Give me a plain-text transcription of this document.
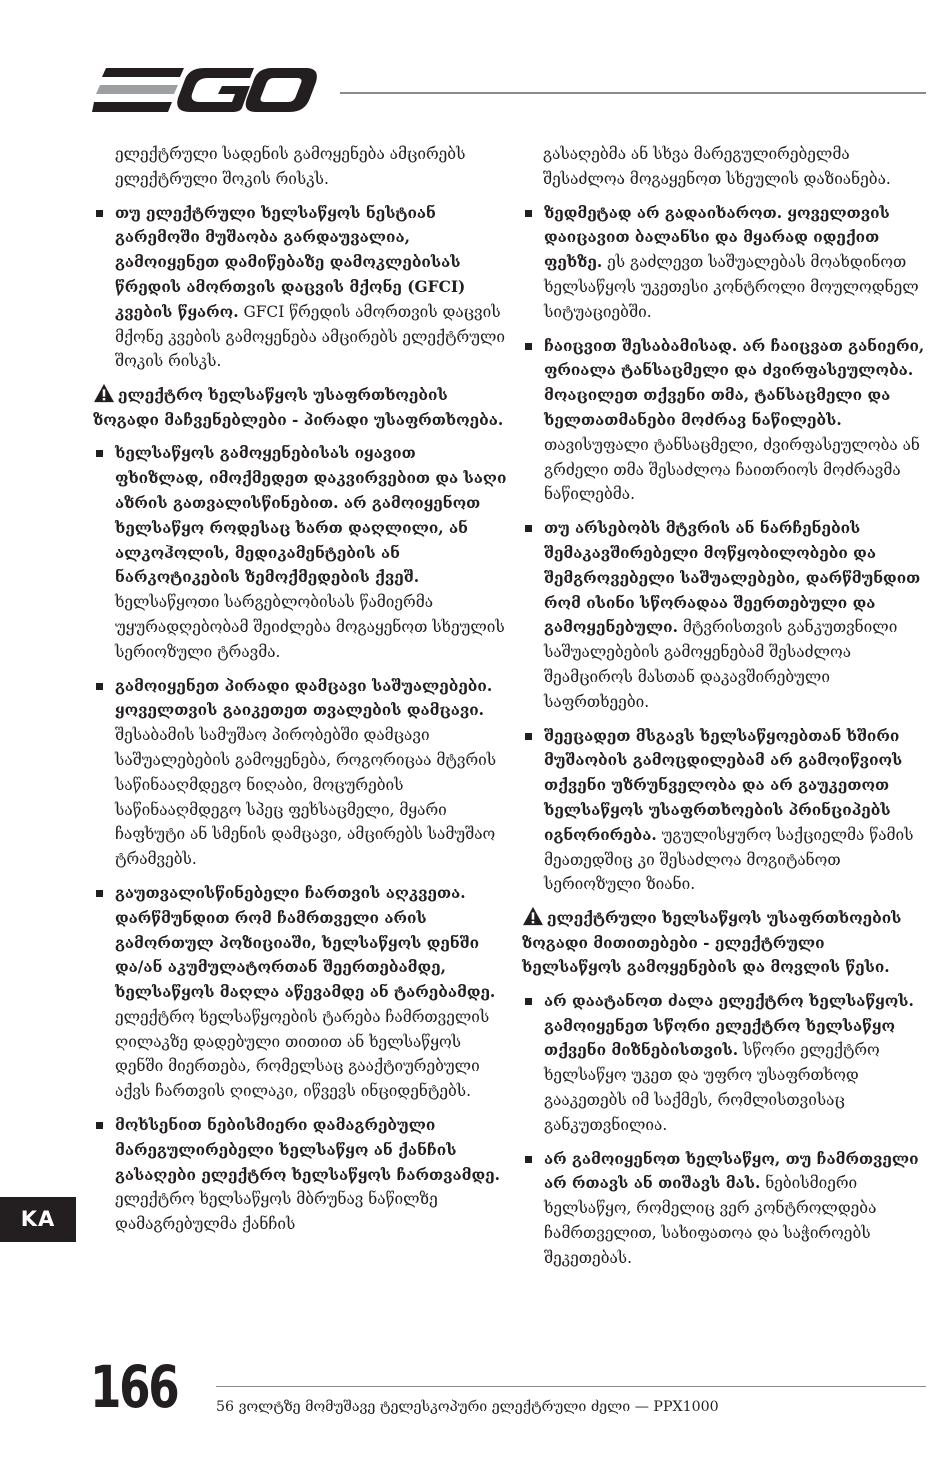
ელექტრული სადენის გამოყენება ამცირებს ელექტრული შოკის რისკს.

თუ ელექტრული ხელსაწყოს ნესტიან გარემოში მუშაობა გარდაუვალია, გამოიყენეთ დამიწებაზე დამოკლებისას წრედის ამორთვის დაცვის მქონე (GFCI) კვების წყარო. GFCI წრედის ამორთვის დაცვის მქონე კვების გამოყენება ამცირებს ელექტრული შოკის რისკს.
ელექტრო ხელსაწყოს უსაფრთხოების ზოგადი მაჩვენებლები - პირადი უსაფრთხოება.
ხელსაწყოს გამოყენებისას იყავით ფხიზლად, იმოქმედეთ დაკვირვებით და საღი აზრის გათვალისწინებით. არ გამოიყენოთ ხელსაწყო როდესაც ხართ დაღლილი, ან ალკოჰოლის, მედიკამენტების ან ნარკოტიკების ზემოქმედების ქვეშ. ხელსაწყოთი სარგებლობისას წამიერმა უყურადღებობამ შეიძლება მოგაყენოთ სხეულის სერიოზული ტრავმა.
გამოიყენეთ პირადი დამცავი საშუალებები. ყოველთვის გაიკეთეთ თვალების დამცავი. შესაბამის სამუშაო პირობებში დამცავი საშუალებების გამოყენება, როგორიცაა მტვრის საწინააღმდეგო ნიღაბი, მოცურების საწინააღმდეგო სპეც ფეხსაცმელი, მყარი ჩაფხუტი ან სმენის დამცავი, ამცირებს სამუშაო ტრამვებს.
გაუთვალისწინებელი ჩართვის აღკვეთა. დარწმუნდით რომ ჩამრთველი არის გამორთულ პოზიციაში, ხელსაწყოს დენში და/ან აკუმულატორთან შეერთებამდე, ხელსაწყოს მაღლა აწევამდე ან ტარებამდე. ელექტრო ხელსაწყოების ტარება ჩამრთველის ღილაკზე დადებული თითით ან ხელსაწყოს დენში მიერთება, რომელსაც გააქტიურებული აქვს ჩართვის ღილაკი, იწვევს ინციდენტებს.
მოხსენით ნებისმიერი დამაგრებული მარეგულირებელი ხელსაწყო ან ქანჩის გასაღები ელექტრო ხელსაწყოს ჩართვამდე. ელექტრო ხელსაწყოს მბრუნავ ნაწილზე დამაგრებულმა ქანჩის

გასაღებმა ან სხვა მარეგულირებელმა შესაძლოა მოგაყენოთ სხეულის დაზიანება.

ზედმეტად არ გადაიხაროთ. ყოველთვის დაიცავით ბალანსი და მყარად იდექით ფეხზე. ეს გაძლევთ საშუალებას მოახდინოთ ხელსაწყოს უკეთესი კონტროლი მოულოდნელ სიტუაციებში.
ჩაიცვით შესაბამისად. არ ჩაიცვათ განიერი, ფრიალა ტანსაცმელი და ძვირფასეულობა. მოაცილეთ თქვენი თმა, ტანსაცმელი და ხელთათმანები მოძრავ ნაწილებს. თავისუფალი ტანსაცმელი, ძვირფასეულობა ან გრძელი თმა შესაძლოა ჩაითრიოს მოძრავმა ნაწილებმა.
თუ არსებობს მტვრის ან ნარჩენების შემაკავშირებელი მოწყობილობები და შემგროვებელი საშუალებები, დარწმუნდით რომ ისინი სწორადაა შეერთებული და გამოყენებული. მტვრისთვის განკუთვნილი საშუალებების გამოყენებამ შესაძლოა შეამციროს მასთან დაკავშირებული საფრთხეები.
შეეცადეთ მსგავს ხელსაწყოებთან ხშირი მუშაობის გამოცდილებამ არ გამოიწვიოს თქვენი უზრუნველობა და არ გაუკეთოთ ხელსაწყოს უსაფრთხოების პრინციპებს იგნორირება. უგულისყურო საქციელმა წამის მეათედშიც კი შესაძლოა მოგიტანოთ სერიოზული ზიანი.
ელექტრული ხელსაწყოს უსაფრთხოების ზოგადი მითითებები - ელექტრული ხელსაწყოს გამოყენების და მოვლის წესი.
არ დაატანოთ ძალა ელექტრო ხელსაწყოს. გამოიყენეთ სწორი ელექტრო ხელსაწყო თქვენი მიზნებისთვის. სწორი ელექტრო ხელსაწყო უკეთ და უფრო უსაფრთხოდ გააკეთებს იმ საქმეს, რომლისთვისაც განკუთვნილია.
არ გამოიყენოთ ხელსაწყო, თუ ჩამრთველი არ რთავს ან თიშავს მას. ნებისმიერი ხელსაწყო, რომელიც ვერ კონტროლდება ჩამრთველით, სახიფათოა და საჭიროებს შეკეთებას.
KA
166	56 ვოლტზე მომუშავე ტელესკოპური ელექტრული ძელი — PPX1000
